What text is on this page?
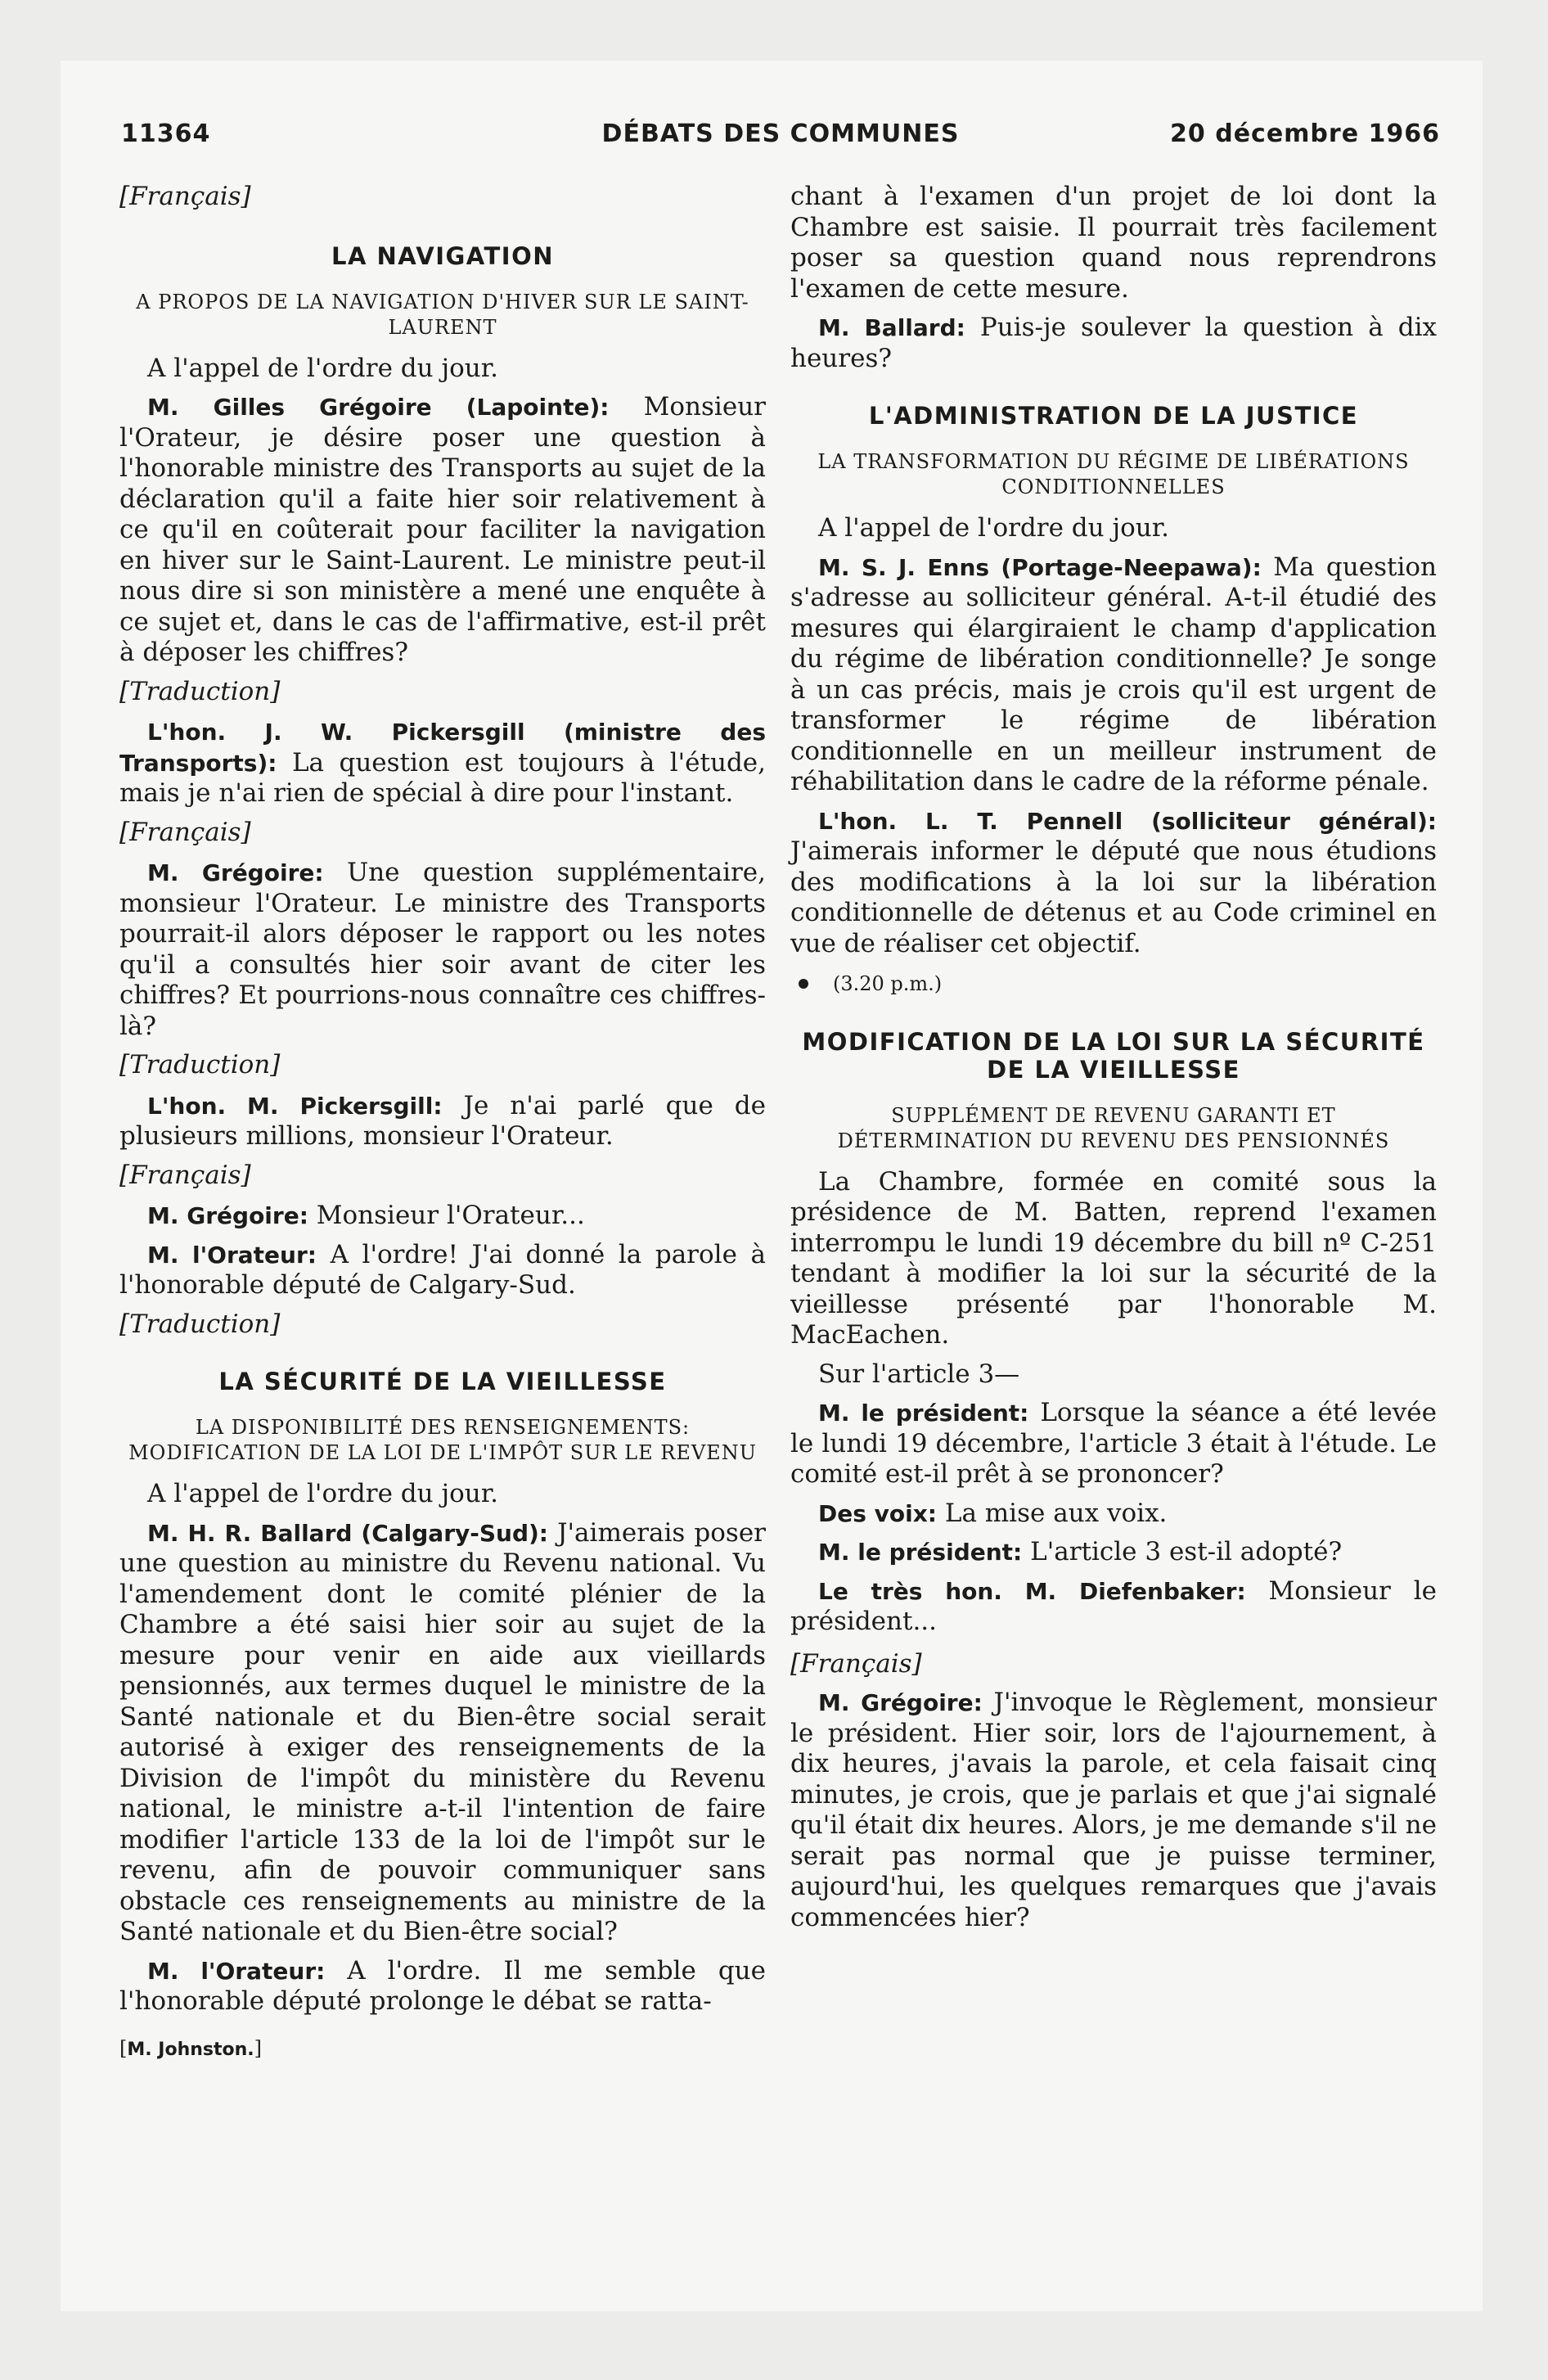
11364	DÉBATS DES COMMUNES	20 décembre 1966
[Français]
LA NAVIGATION
A PROPOS DE LA NAVIGATION D'HIVER SUR LE SAINT-LAURENT

A l'appel de l'ordre du jour.

M. Gilles Grégoire (Lapointe): Monsieur l'Orateur, je désire poser une question à l'honorable ministre des Transports au sujet de la déclaration qu'il a faite hier soir relativement à ce qu'il en coûterait pour faciliter la navigation en hiver sur le Saint-Laurent. Le ministre peut-il nous dire si son ministère a mené une enquête à ce sujet et, dans le cas de l'affirmative, est-il prêt à déposer les chiffres?

[Traduction]

L'hon. J. W. Pickersgill (ministre des Transports): La question est toujours à l'étude, mais je n'ai rien de spécial à dire pour l'instant.

[Français]

M. Grégoire: Une question supplémentaire, monsieur l'Orateur. Le ministre des Transports pourrait-il alors déposer le rapport ou les notes qu'il a consultés hier soir avant de citer les chiffres? Et pourrions-nous connaître ces chiffres-là?

[Traduction]

L'hon. M. Pickersgill: Je n'ai parlé que de plusieurs millions, monsieur l'Orateur.

[Français]

M. Grégoire: Monsieur l'Orateur...

M. l'Orateur: A l'ordre! J'ai donné la parole à l'honorable député de Calgary-Sud.

[Traduction]
LA SÉCURITÉ DE LA VIEILLESSE
LA DISPONIBILITÉ DES RENSEIGNEMENTS: MODIFICATION DE LA LOI DE L'IMPÔT SUR LE REVENU

A l'appel de l'ordre du jour.

M. H. R. Ballard (Calgary-Sud): J'aimerais poser une question au ministre du Revenu national. Vu l'amendement dont le comité plénier de la Chambre a été saisi hier soir au sujet de la mesure pour venir en aide aux vieillards pensionnés, aux termes duquel le ministre de la Santé nationale et du Bien-être social serait autorisé à exiger des renseignements de la Division de l'impôt du ministère du Revenu national, le ministre a-t-il l'intention de faire modifier l'article 133 de la loi de l'impôt sur le revenu, afin de pouvoir communiquer sans obstacle ces renseignements au ministre de la Santé nationale et du Bien-être social?

M. l'Orateur: A l'ordre. Il me semble que l'honorable député prolonge le débat se ratta-

[M. Johnston.]

chant à l'examen d'un projet de loi dont la Chambre est saisie. Il pourrait très facilement poser sa question quand nous reprendrons l'examen de cette mesure.

M. Ballard: Puis-je soulever la question à dix heures?

L'ADMINISTRATION DE LA JUSTICE
LA TRANSFORMATION DU RÉGIME DE LIBÉRATIONS CONDITIONNELLES

A l'appel de l'ordre du jour.

M. S. J. Enns (Portage-Neepawa): Ma question s'adresse au solliciteur général. A-t-il étudié des mesures qui élargiraient le champ d'application du régime de libération conditionnelle? Je songe à un cas précis, mais je crois qu'il est urgent de transformer le régime de libération conditionnelle en un meilleur instrument de réhabilitation dans le cadre de la réforme pénale.

L'hon. L. T. Pennell (solliciteur général): J'aimerais informer le député que nous étudions des modifications à la loi sur la libération conditionnelle de détenus et au Code criminel en vue de réaliser cet objectif.

(3.20 p.m.)
MODIFICATION DE LA LOI SUR LA SÉCURITÉ DE LA VIEILLESSE
SUPPLÉMENT DE REVENU GARANTI ET DÉTERMINATION DU REVENU DES PENSIONNÉS

La Chambre, formée en comité sous la présidence de M. Batten, reprend l'examen interrompu le lundi 19 décembre du bill nº C-251 tendant à modifier la loi sur la sécurité de la vieillesse présenté par l'honorable M. MacEachen.

Sur l'article 3—

M. le président: Lorsque la séance a été levée le lundi 19 décembre, l'article 3 était à l'étude. Le comité est-il prêt à se prononcer?

Des voix: La mise aux voix.

M. le président: L'article 3 est-il adopté?

Le très hon. M. Diefenbaker: Monsieur le président...

[Français]

M. Grégoire: J'invoque le Règlement, monsieur le président. Hier soir, lors de l'ajournement, à dix heures, j'avais la parole, et cela faisait cinq minutes, je crois, que je parlais et que j'ai signalé qu'il était dix heures. Alors, je me demande s'il ne serait pas normal que je puisse terminer, aujourd'hui, les quelques remarques que j'avais commencées hier?
